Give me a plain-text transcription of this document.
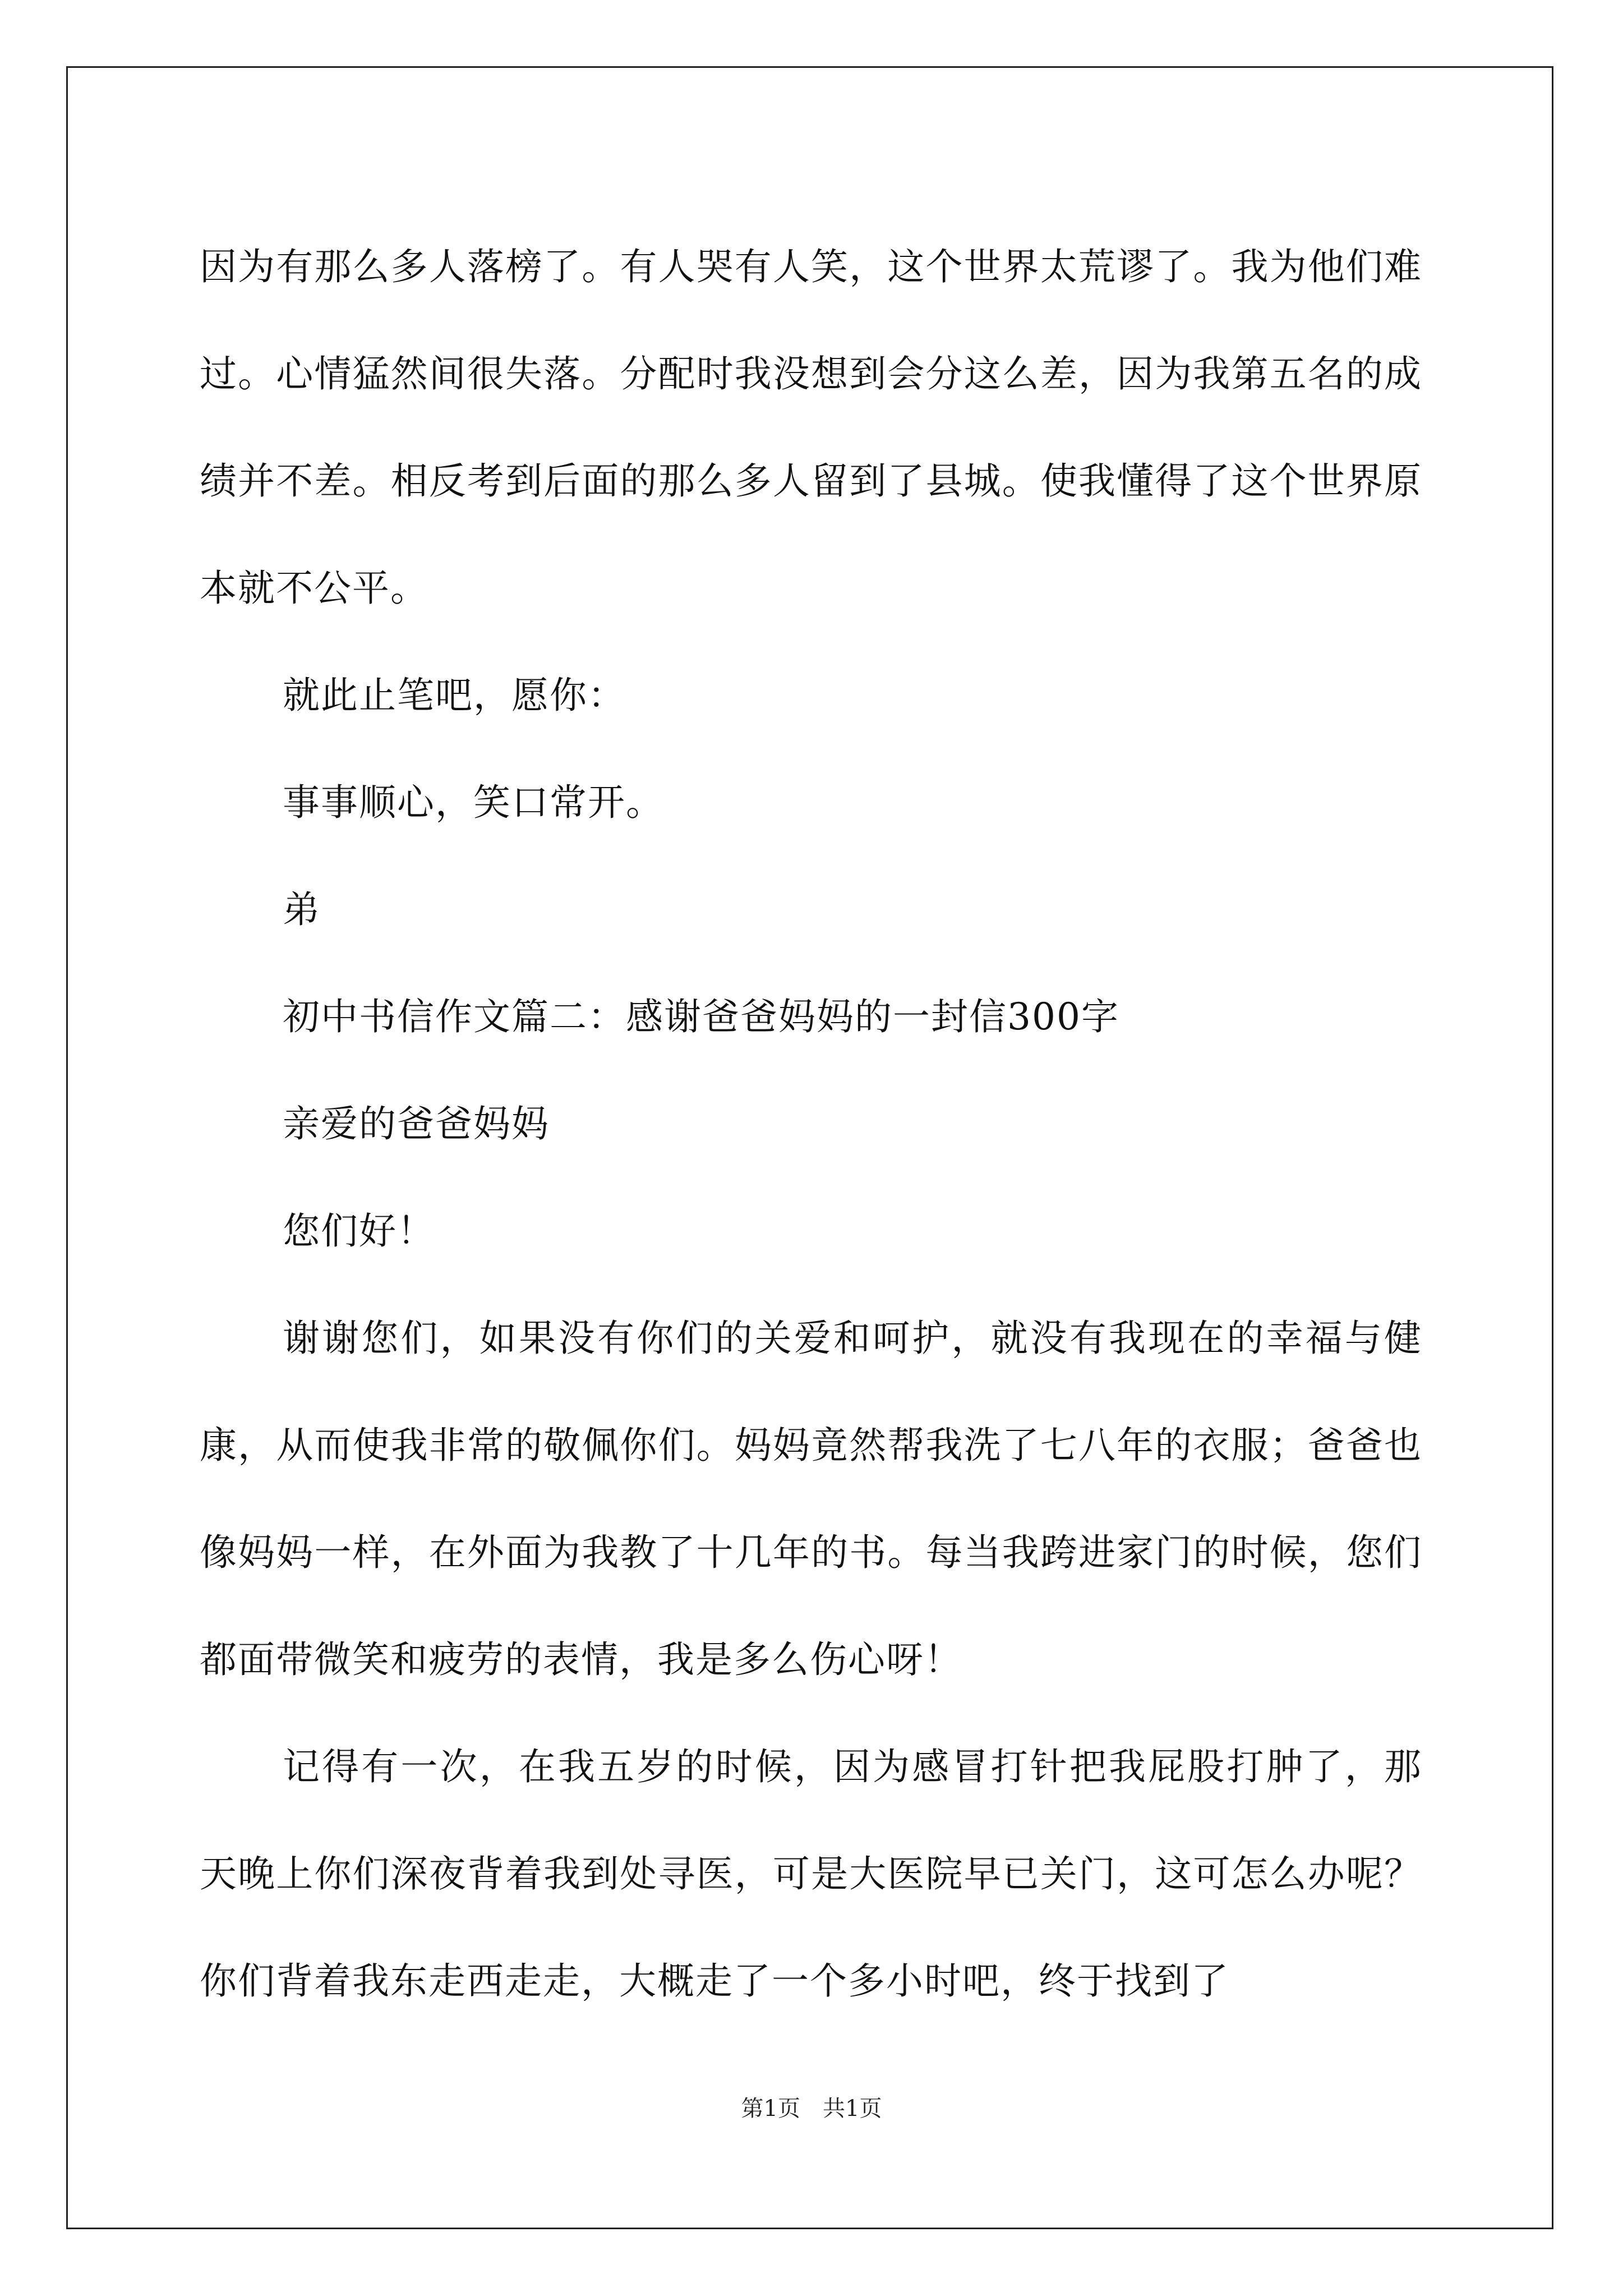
因为有那么多人落榜了。有人哭有人笑，这个世界太荒谬了。我为他们难过。心情猛然间很失落。分配时我没想到会分这么差，因为我第五名的成绩并不差。相反考到后面的那么多人留到了县城。使我懂得了这个世界原本就不公平。

就此止笔吧，愿你：

事事顺心，笑口常开。

弟

初中书信作文篇二：感谢爸爸妈妈的一封信300字

亲爱的爸爸妈妈

您们好！

谢谢您们，如果没有你们的关爱和呵护，就没有我现在的幸福与健康，从而使我非常的敬佩你们。妈妈竟然帮我洗了七八年的衣服；爸爸也像妈妈一样，在外面为我教了十几年的书。每当我跨进家门的时候，您们都面带微笑和疲劳的表情，我是多么伤心呀！

记得有一次，在我五岁的时候，因为感冒打针把我屁股打肿了，那天晚上你们深夜背着我到处寻医，可是大医院早已关门，这可怎么办呢？你们背着我东走西走走，大概走了一个多小时吧，终于找到了

第1页　共1页
